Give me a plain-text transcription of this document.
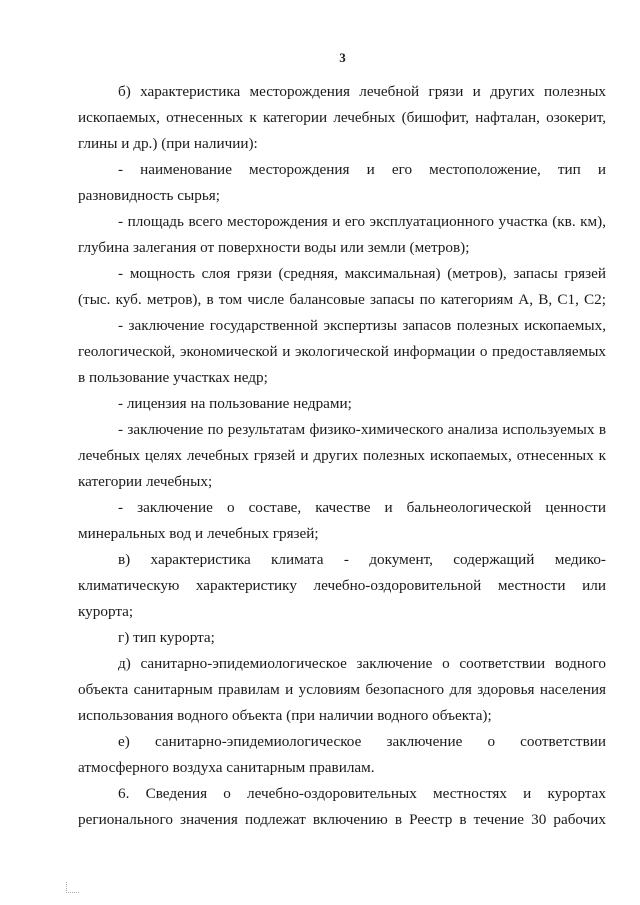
3
б) характеристика месторождения лечебной грязи и других полезных
ископаемых, отнесенных к категории лечебных (бишофит, нафталан, озокерит,
глины и др.) (при наличии):
- наименование месторождения и его местоположение, тип и
разновидность сырья;
- площадь всего месторождения и его эксплуатационного участка (кв. км),
глубина залегания от поверхности воды или земли (метров);
- мощность слоя грязи (средняя, максимальная) (метров), запасы грязей
(тыс. куб. метров), в том числе балансовые запасы по категориям А, В, С1, С2;
- заключение государственной экспертизы запасов полезных ископаемых,
геологической, экономической и экологической информации о предоставляемых
в пользование участках недр;
- лицензия на пользование недрами;
- заключение по результатам физико-химического анализа используемых в
лечебных целях лечебных грязей и других полезных ископаемых, отнесенных к
категории лечебных;
- заключение о составе, качестве и бальнеологической ценности
минеральных вод и лечебных грязей;
в) характеристика климата - документ, содержащий медико-
климатическую характеристику лечебно-оздоровительной местности или
курорта;
г) тип курорта;
д) санитарно-эпидемиологическое заключение о соответствии водного
объекта санитарным правилам и условиям безопасного для здоровья населения
использования водного объекта (при наличии водного объекта);
е) санитарно-эпидемиологическое заключение о соответствии
атмосферного воздуха санитарным правилам.
6. Сведения о лечебно-оздоровительных местностях и курортах
регионального значения подлежат включению в Реестр в течение 30 рабочих
